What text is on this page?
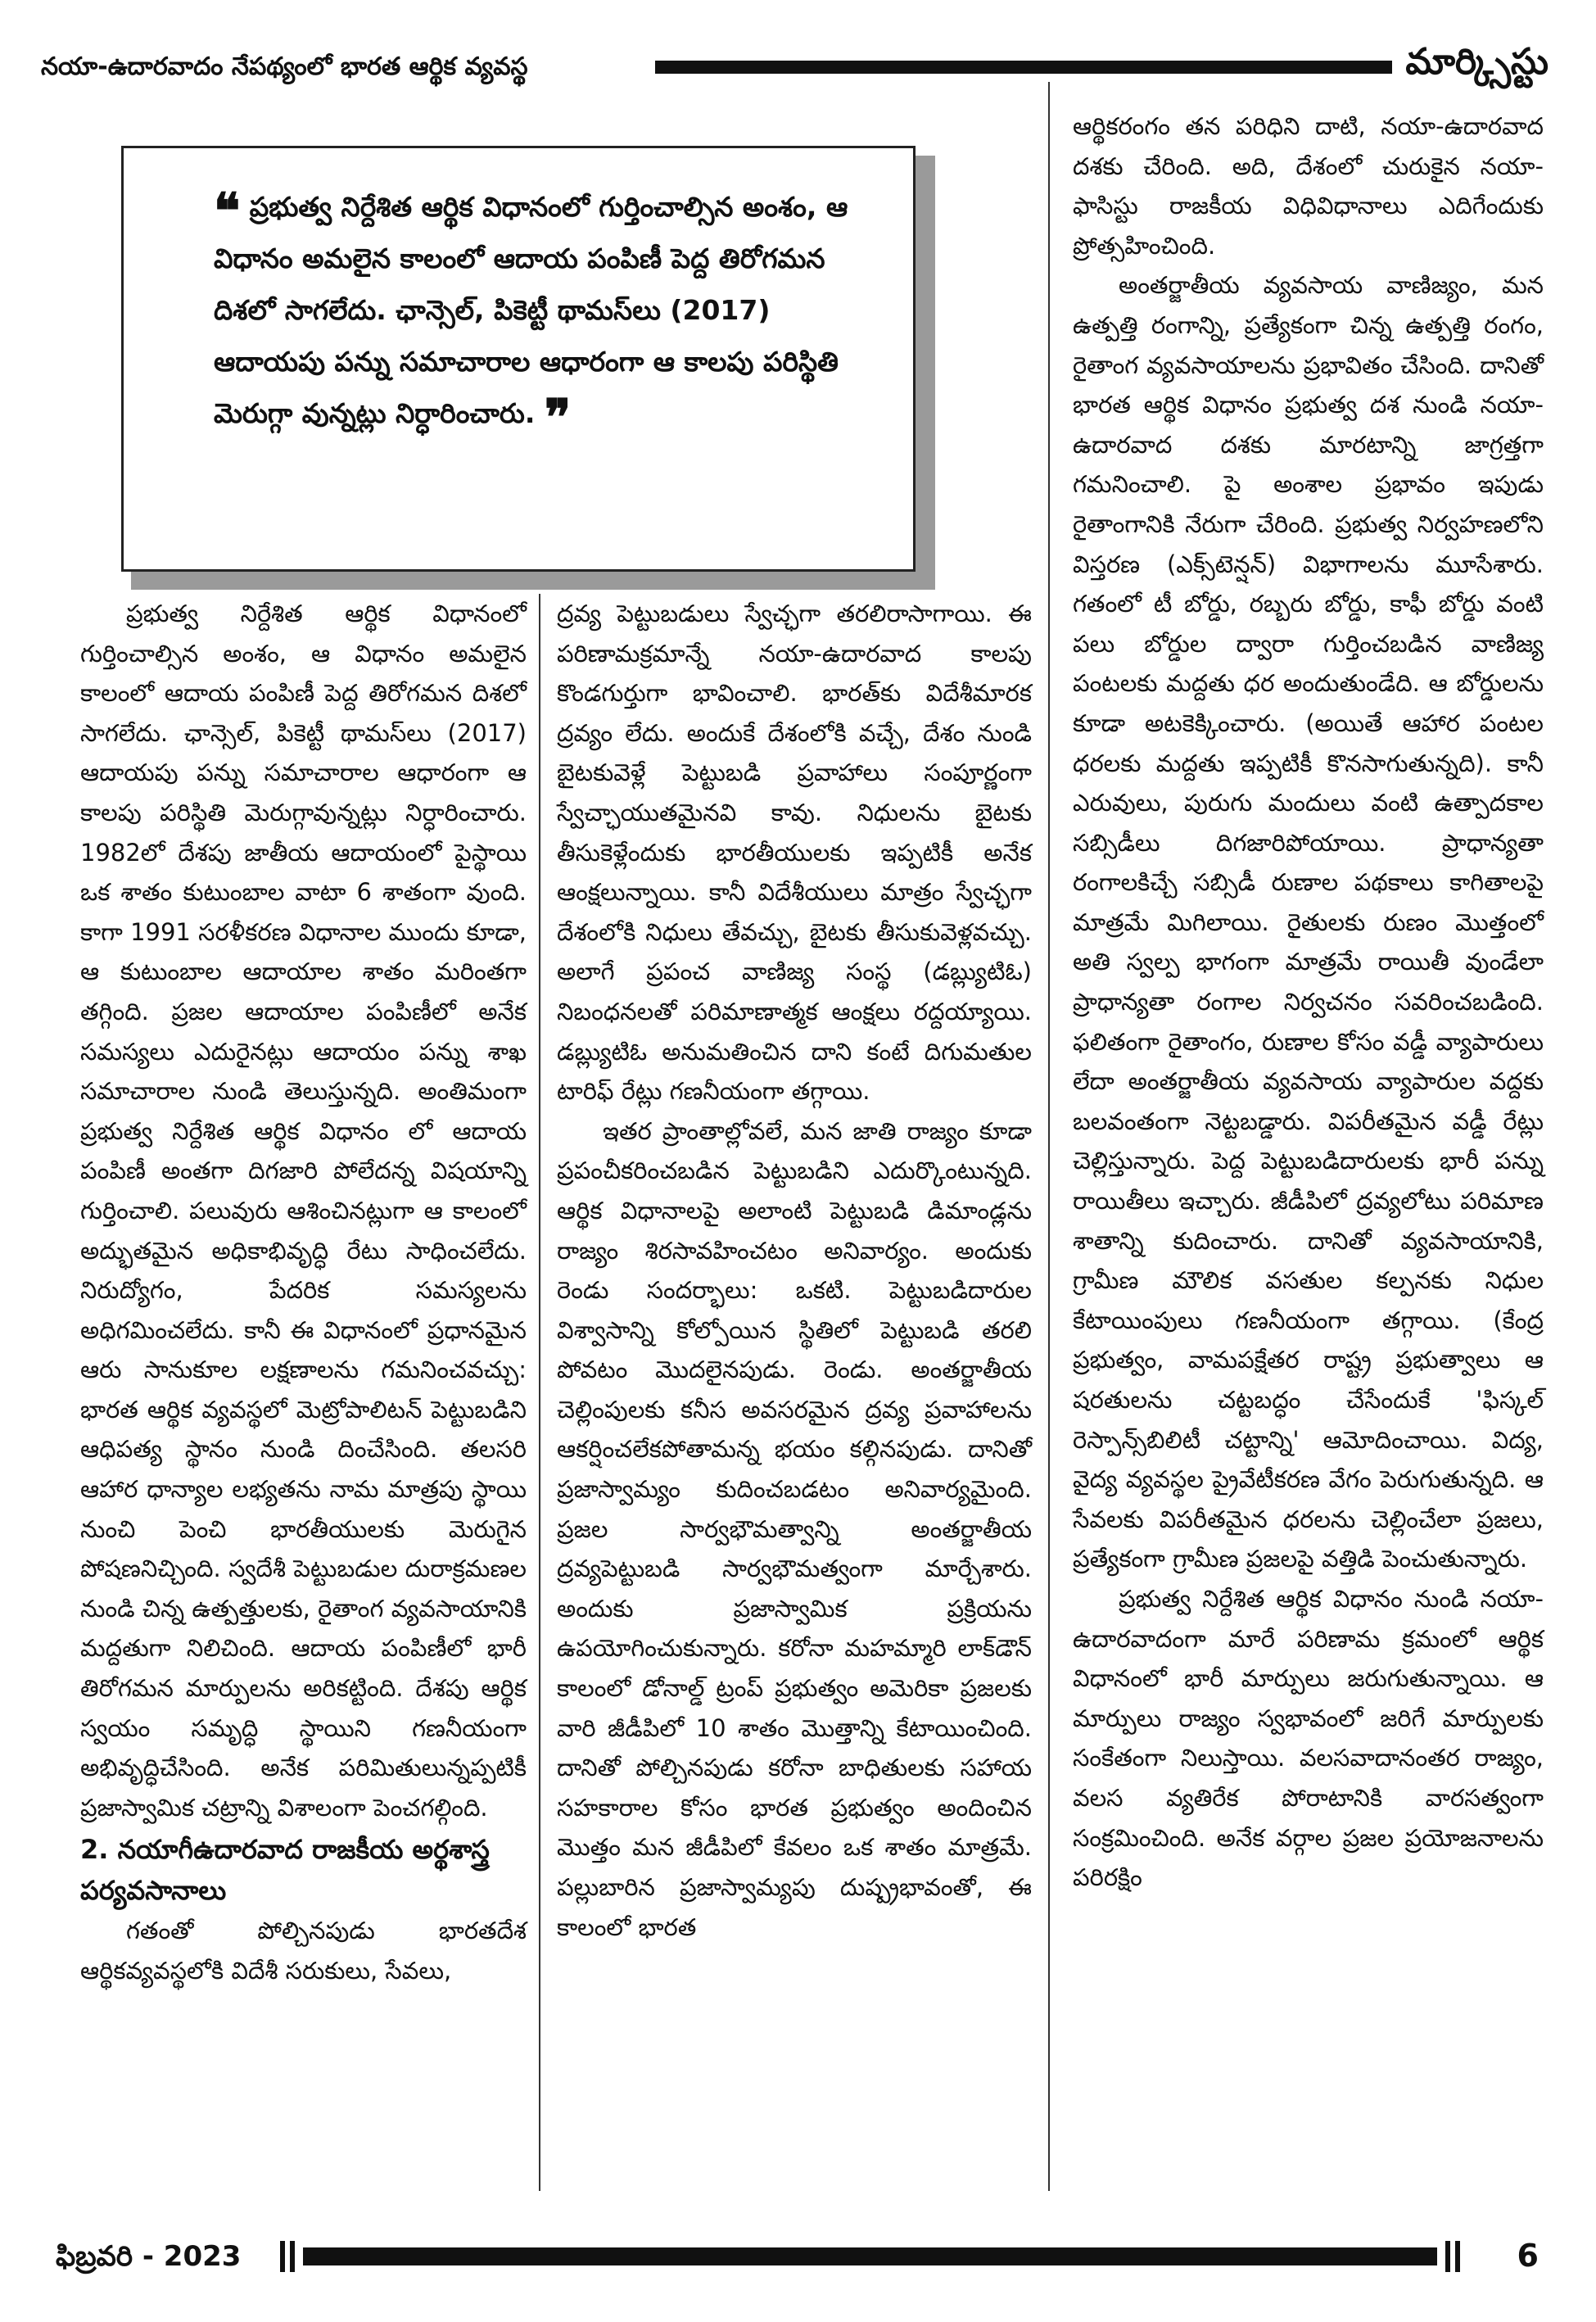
నయా-ఉదారవాదం నేపథ్యంలో భారత ఆర్థిక వ్యవస్థ	మార్క్సిస్టు

❝ ప్రభుత్వ నిర్దేశిత ఆర్థిక విధానంలో గుర్తించాల్సిన అంశం, ఆ విధానం అమలైన కాలంలో ఆదాయ పంపిణీ పెద్ద తిరోగమన దిశలో సాగలేదు. ఛాన్సెల్, పికెట్టీ థామస్‌లు (2017) ఆదాయపు పన్ను సమాచారాల ఆధారంగా ఆ కాలపు పరిస్థితి మెరుగ్గా వున్నట్లు నిర్ధారించారు. ❞

ప్రభుత్వ నిర్దేశిత ఆర్థిక విధానంలో గుర్తించాల్సిన అంశం, ఆ విధానం అమలైన కాలంలో ఆదాయ పంపిణీ పెద్ద తిరోగమన దిశలో సాగలేదు. ఛాన్సెల్, పికెట్టీ థామస్‌లు (2017) ఆదాయపు పన్ను సమాచారాల ఆధారంగా ఆ కాలపు పరిస్థితి మెరుగ్గావున్నట్లు నిర్ధారించారు. 1982లో దేశపు జాతీయ ఆదాయంలో పైస్థాయి ఒక శాతం కుటుంబాల వాటా 6 శాతంగా వుంది. కాగా 1991 సరళీకరణ విధానాల ముందు కూడా, ఆ కుటుంబాల ఆదాయాల శాతం మరింతగా తగ్గింది. ప్రజల ఆదాయాల పంపిణీలో అనేక సమస్యలు ఎదురైనట్లు ఆదాయం పన్ను శాఖ సమాచారాల నుండి తెలుస్తున్నది. అంతిమంగా ప్రభుత్వ నిర్దేశిత ఆర్థిక విధానం లో ఆదాయ పంపిణీ అంతగా దిగజారి పోలేదన్న విషయాన్ని గుర్తించాలి. పలువురు ఆశించినట్లుగా ఆ కాలంలో అద్భుతమైన అధికాభివృద్ధి రేటు సాధించలేదు. నిరుద్యోగం, పేదరిక సమస్యలను అధిగమించలేదు. కానీ ఈ విధానంలో ప్రధానమైన ఆరు సానుకూల లక్షణాలను గమనించవచ్చు: భారత ఆర్థిక వ్యవస్థలో మెట్రోపాలిటన్ పెట్టుబడిని ఆధిపత్య స్థానం నుండి దించేసింది. తలసరి ఆహార ధాన్యాల లభ్యతను నామ మాత్రపు స్థాయి నుంచి పెంచి భారతీయులకు మెరుగైన పోషణనిచ్చింది. స్వదేశీ పెట్టుబడుల దురాక్రమణల నుండి చిన్న ఉత్పత్తులకు, రైతాంగ వ్యవసాయానికి మద్దతుగా నిలిచింది. ఆదాయ పంపిణీలో భారీ తిరోగమన మార్పులను అరికట్టింది. దేశపు ఆర్థిక స్వయం సమృద్ధి స్థాయిని గణనీయంగా అభివృద్ధిచేసింది. అనేక పరిమితులున్నప్పటికీ ప్రజాస్వామిక చట్రాన్ని విశాలంగా పెంచగల్గింది.

2. నయాగీఉదారవాద రాజకీయ అర్థశాస్త్ర పర్యవసానాలు

గతంతో పోల్చినపుడు భారతదేశ ఆర్థికవ్యవస్థలోకి విదేశీ సరుకులు, సేవలు,

ద్రవ్య పెట్టుబడులు స్వేచ్ఛగా తరలిరాసాగాయి. ఈ పరిణామక్రమాన్నే నయా-ఉదారవాద కాలపు కొండగుర్తుగా భావించాలి. భారత్‌కు విదేశీమారక ద్రవ్యం లేదు. అందుకే దేశంలోకి వచ్చే, దేశం నుండి బైటకువెళ్లే పెట్టుబడి ప్రవాహాలు సంపూర్ణంగా స్వేచ్ఛాయుతమైనవి కావు. నిధులను బైటకు తీసుకెళ్లేందుకు భారతీయులకు ఇప్పటికీ అనేక ఆంక్షలున్నాయి. కానీ విదేశీయులు మాత్రం స్వేచ్ఛగా దేశంలోకి నిధులు తేవచ్చు, బైటకు తీసుకువెళ్లవచ్చు. అలాగే ప్రపంచ వాణిజ్య సంస్థ (డబ్ల్యుటిఓ) నిబంధనలతో పరిమాణాత్మక ఆంక్షలు రద్దయ్యాయి. డబ్ల్యుటిఓ అనుమతించిన దాని కంటే దిగుమతుల టారిఫ్ రేట్లు గణనీయంగా తగ్గాయి.

ఇతర ప్రాంతాల్లోవలే, మన జాతి రాజ్యం కూడా ప్రపంచీకరించబడిన పెట్టుబడిని ఎదుర్కొంటున్నది. ఆర్థిక విధానాలపై అలాంటి పెట్టుబడి డిమాండ్లను రాజ్యం శిరసావహించటం అనివార్యం. అందుకు రెండు సందర్భాలు: ఒకటి. పెట్టుబడిదారుల విశ్వాసాన్ని కోల్పోయిన స్థితిలో పెట్టుబడి తరలి పోవటం మొదలైనపుడు. రెండు. అంతర్జాతీయ చెల్లింపులకు కనీస అవసరమైన ద్రవ్య ప్రవాహాలను ఆకర్షించలేకపోతామన్న భయం కల్గినపుడు. దానితో ప్రజాస్వామ్యం కుదించబడటం అనివార్యమైంది. ప్రజల సార్వభౌమత్వాన్ని అంతర్జాతీయ ద్రవ్యపెట్టుబడి సార్వభౌమత్వంగా మార్చేశారు. అందుకు ప్రజాస్వామిక ప్రక్రియను ఉపయోగించుకున్నారు. కరోనా మహమ్మారి లాక్‌డౌన్ కాలంలో డోనాల్డ్ ట్రంప్ ప్రభుత్వం అమెరికా ప్రజలకు వారి జీడీపిలో 10 శాతం మొత్తాన్ని కేటాయించింది. దానితో పోల్చినపుడు కరోనా బాధితులకు సహాయ సహకారాల కోసం భారత ప్రభుత్వం అందించిన మొత్తం మన జీడీపిలో కేవలం ఒక శాతం మాత్రమే. పల్లుబారిన ప్రజాస్వామ్యపు దుష్ప్రభావంతో, ఈ కాలంలో భారత

ఆర్థికరంగం తన పరిధిని దాటి, నయా-ఉదారవాద దశకు చేరింది. అది, దేశంలో చురుకైన నయా-ఫాసిస్టు రాజకీయ విధివిధానాలు ఎదిగేందుకు ప్రోత్సహించింది.

అంతర్జాతీయ వ్యవసాయ వాణిజ్యం, మన ఉత్పత్తి రంగాన్ని, ప్రత్యేకంగా చిన్న ఉత్పత్తి రంగం, రైతాంగ వ్యవసాయాలను ప్రభావితం చేసింది. దానితో భారత ఆర్థిక విధానం ప్రభుత్వ దశ నుండి నయా-ఉదారవాద దశకు మారటాన్ని జాగ్రత్తగా గమనించాలి. పై అంశాల ప్రభావం ఇపుడు రైతాంగానికి నేరుగా చేరింది. ప్రభుత్వ నిర్వహణలోని విస్తరణ (ఎక్స్‌టెన్షన్) విభాగాలను మూసేశారు. గతంలో టీ బోర్డు, రబ్బరు బోర్డు, కాఫీ బోర్డు వంటి పలు బోర్డుల ద్వారా గుర్తించబడిన వాణిజ్య పంటలకు మద్దతు ధర అందుతుండేది. ఆ బోర్డులను కూడా అటకెక్కించారు. (అయితే ఆహార పంటల ధరలకు మద్దతు ఇప్పటికీ కొనసాగుతున్నది). కానీ ఎరువులు, పురుగు మందులు వంటి ఉత్పాదకాల సబ్సిడీలు దిగజారిపోయాయి. ప్రాధాన్యతా రంగాలకిచ్చే సబ్సిడీ రుణాల పథకాలు కాగితాలపై మాత్రమే మిగిలాయి. రైతులకు రుణం మొత్తంలో అతి స్వల్ప భాగంగా మాత్రమే రాయితీ వుండేలా ప్రాధాన్యతా రంగాల నిర్వచనం సవరించబడింది. ఫలితంగా రైతాంగం, రుణాల కోసం వడ్డీ వ్యాపారులు లేదా అంతర్జాతీయ వ్యవసాయ వ్యాపారుల వద్దకు బలవంతంగా నెట్టబడ్డారు. విపరీతమైన వడ్డీ రేట్లు చెల్లిస్తున్నారు. పెద్ద పెట్టుబడిదారులకు భారీ పన్ను రాయితీలు ఇచ్చారు. జీడీపిలో ద్రవ్యలోటు పరిమాణ శాతాన్ని కుదించారు. దానితో వ్యవసాయానికి, గ్రామీణ మౌలిక వసతుల కల్పనకు నిధుల కేటాయింపులు గణనీయంగా తగ్గాయి. (కేంద్ర ప్రభుత్వం, వామపక్షేతర రాష్ట్ర ప్రభుత్వాలు ఆ షరతులను చట్టబద్ధం చేసేందుకే 'ఫిస్కల్ రెస్పాన్స్‌బిలిటీ చట్టాన్ని' ఆమోదించాయి. విద్య, వైద్య వ్యవస్థల ప్రైవేటీకరణ వేగం పెరుగుతున్నది. ఆ సేవలకు విపరీతమైన ధరలను చెల్లించేలా ప్రజలు, ప్రత్యేకంగా గ్రామీణ ప్రజలపై వత్తిడి పెంచుతున్నారు.

ప్రభుత్వ నిర్దేశిత ఆర్థిక విధానం నుండి నయా-ఉదారవాదంగా మారే పరిణామ క్రమంలో ఆర్థిక విధానంలో భారీ మార్పులు జరుగుతున్నాయి. ఆ మార్పులు రాజ్యం స్వభావంలో జరిగే మార్పులకు సంకేతంగా నిలుస్తాయి. వలసవాదానంతర రాజ్యం, వలస వ్యతిరేక పోరాటానికి వారసత్వంగా సంక్రమించింది. అనేక వర్గాల ప్రజల ప్రయోజనాలను పరిరక్షిం

ఫిబ్రవరి - 2023	6
